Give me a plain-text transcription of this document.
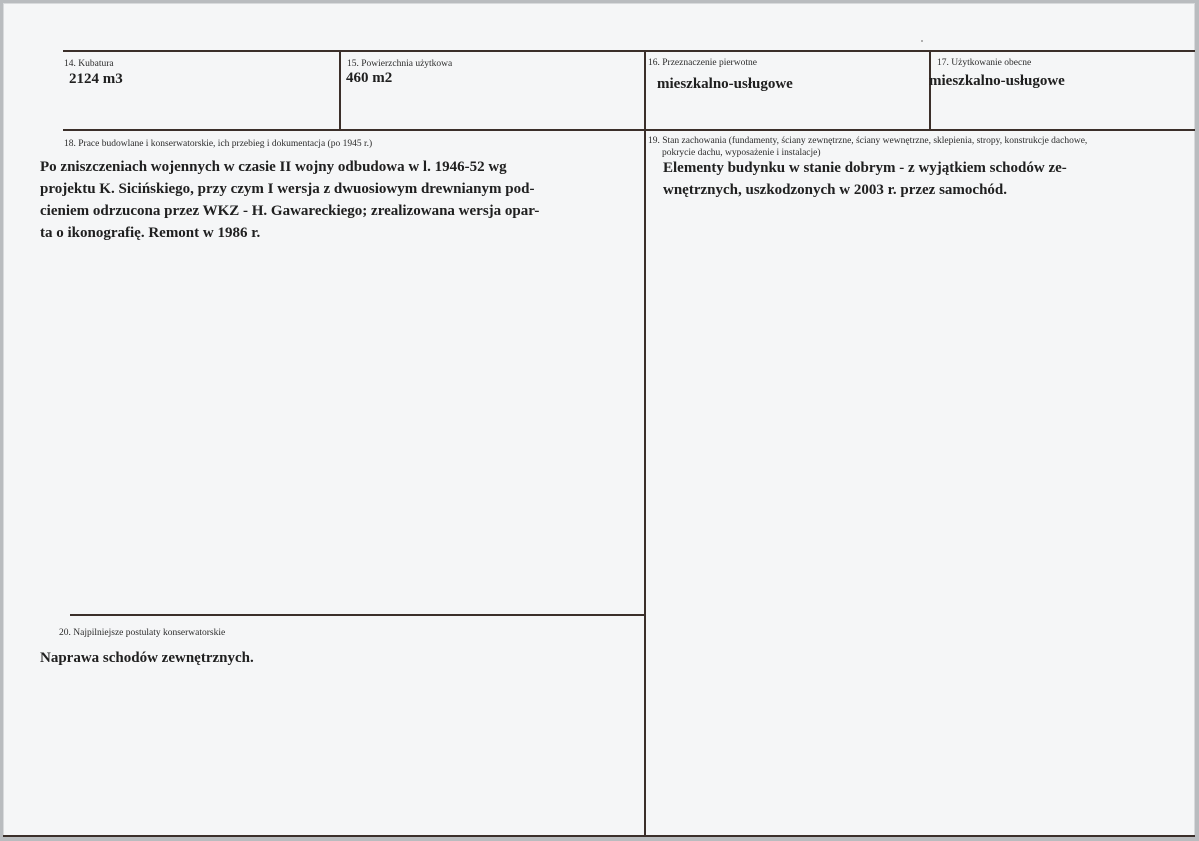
14. Kubatura
2124 m3
15. Powierzchnia użytkowa
460 m2
16. Przeznaczenie pierwotne
mieszkalno-usługowe
17. Użytkowanie obecne
mieszkalno-usługowe
18. Prace budowlane i konserwatorskie, ich przebieg i dokumentacja (po 1945 r.)
Po zniszczeniach wojennych w czasie II wojny odbudowa w l. 1946-52 wg
projektu K. Sicińskiego, przy czym I wersja z dwuosiowym drewnianym pod-
cieniem odrzucona przez WKZ - H. Gawareckiego; zrealizowana wersja opar-
ta o ikonografię. Remont w 1986 r.
19. Stan zachowania (fundamenty, ściany zewnętrzne, ściany wewnętrzne, sklepienia, stropy, konstrukcje dachowe,
pokrycie dachu, wyposażenie i instalacje)
Elementy budynku w stanie dobrym - z wyjątkiem schodów ze-
wnętrznych, uszkodzonych w 2003 r. przez samochód.
20. Najpilniejsze postulaty konserwatorskie
Naprawa schodów zewnętrznych.
